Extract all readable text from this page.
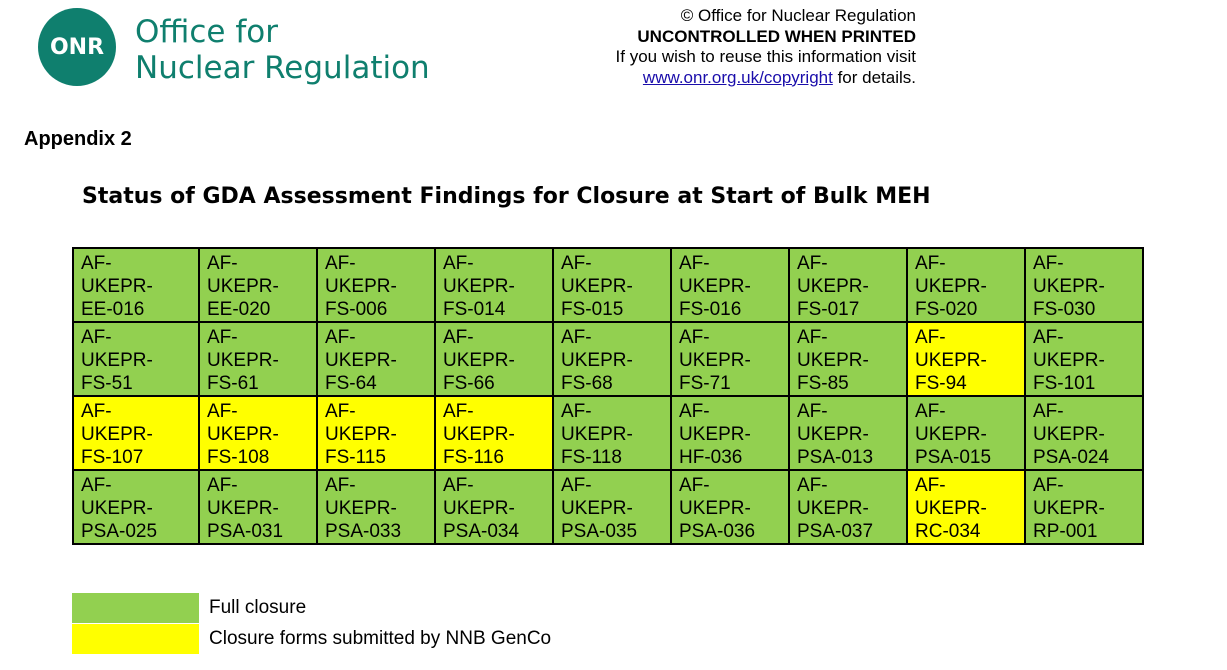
ONR Office for
Nuclear Regulation
© Office for Nuclear Regulation
UNCONTROLLED WHEN PRINTED
If you wish to reuse this information visit
www.onr.org.uk/copyright for details.
Appendix 2
Status of GDA Assessment Findings for Closure at Start of Bulk MEH
AF-
UKEPR-
EE-016	AF-
UKEPR-
EE-020	AF-
UKEPR-
FS-006	AF-
UKEPR-
FS-014	AF-
UKEPR-
FS-015	AF-
UKEPR-
FS-016	AF-
UKEPR-
FS-017	AF-
UKEPR-
FS-020	AF-
UKEPR-
FS-030

AF-
UKEPR-
FS-51	AF-
UKEPR-
FS-61	AF-
UKEPR-
FS-64	AF-
UKEPR-
FS-66	AF-
UKEPR-
FS-68	AF-
UKEPR-
FS-71	AF-
UKEPR-
FS-85	AF-
UKEPR-
FS-94	AF-
UKEPR-
FS-101

AF-
UKEPR-
FS-107	AF-
UKEPR-
FS-108	AF-
UKEPR-
FS-115	AF-
UKEPR-
FS-116	AF-
UKEPR-
FS-118	AF-
UKEPR-
HF-036	AF-
UKEPR-
PSA-013	AF-
UKEPR-
PSA-015	AF-
UKEPR-
PSA-024

AF-
UKEPR-
PSA-025	AF-
UKEPR-
PSA-031	AF-
UKEPR-
PSA-033	AF-
UKEPR-
PSA-034	AF-
UKEPR-
PSA-035	AF-
UKEPR-
PSA-036	AF-
UKEPR-
PSA-037	AF-
UKEPR-
RC-034	AF-
UKEPR-
RP-001
Full closure
Closure forms submitted by NNB GenCo
